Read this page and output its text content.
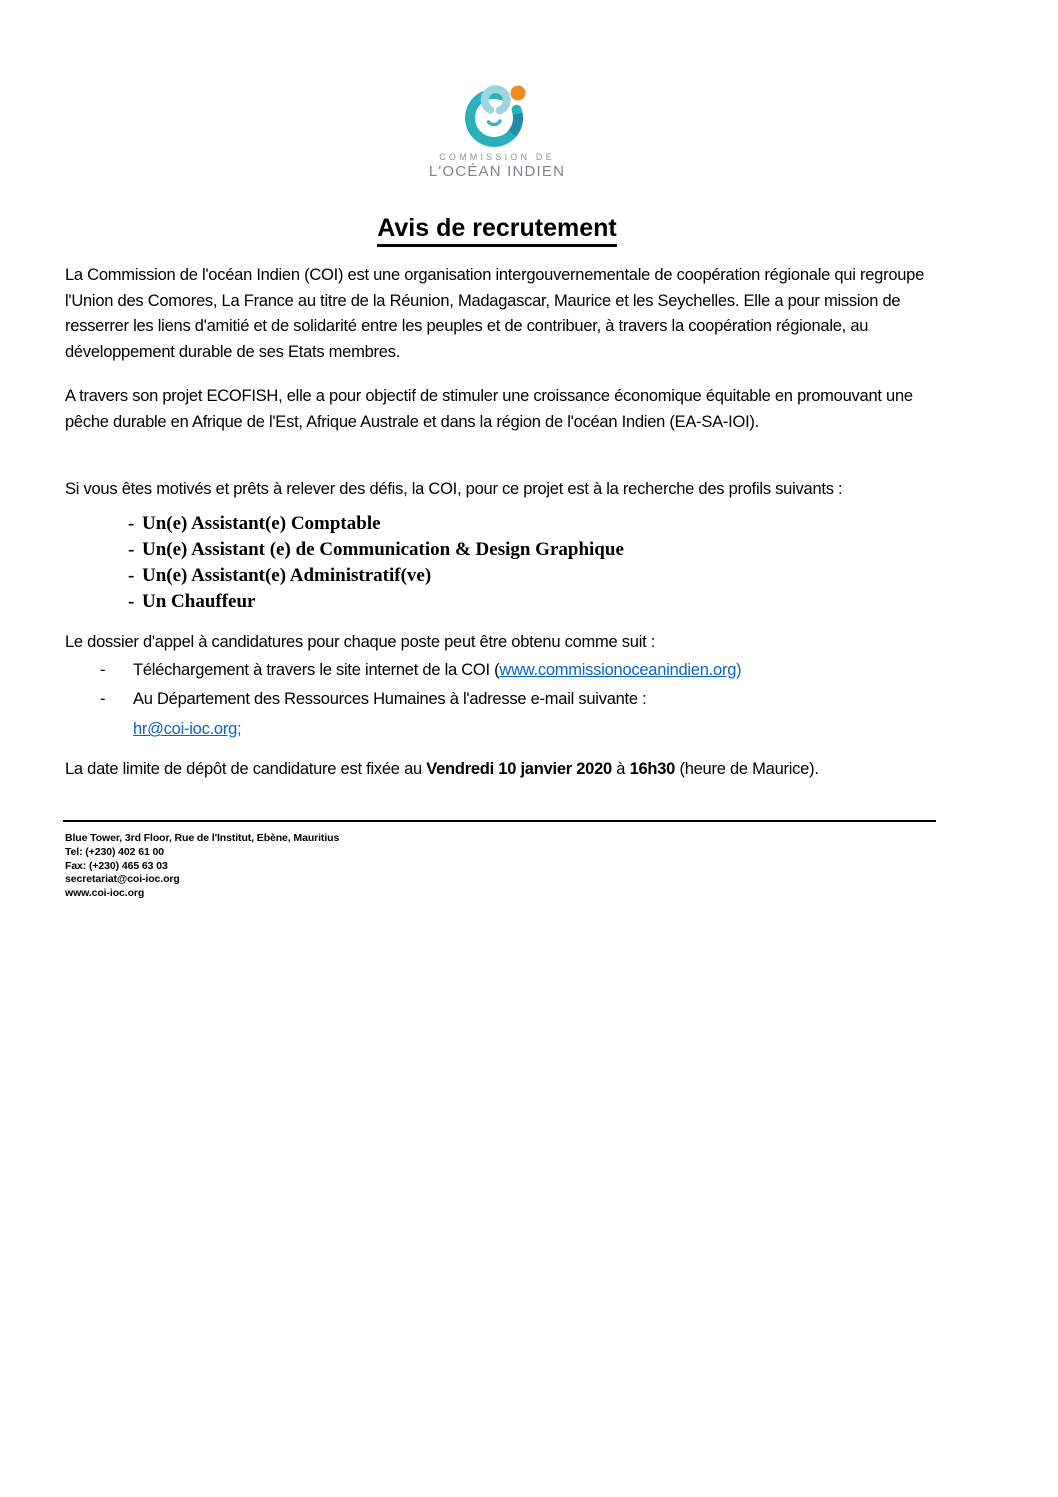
COMMISSION DE
L'OCÉAN INDIEN
Avis de recrutement
La Commission de l'océan Indien (COI) est une organisation intergouvernementale de coopération régionale qui regroupe l'Union des Comores, La France au titre de la Réunion, Madagascar, Maurice et les Seychelles. Elle a pour mission de resserrer les liens d'amitié et de solidarité entre les peuples et de contribuer, à travers la coopération régionale, au développement durable de ses Etats membres.
A travers son projet ECOFISH, elle a pour objectif de stimuler une croissance économique équitable en promouvant une pêche durable en Afrique de l'Est, Afrique Australe et dans la région de l'océan Indien (EA-SA-IOI).
Si vous êtes motivés et prêts à relever des défis, la COI, pour ce projet est à la recherche des profils suivants :
- Un(e) Assistant(e) Comptable
- Un(e) Assistant (e) de Communication & Design Graphique
- Un(e) Assistant(e) Administratif(ve)
- Un Chauffeur
Le dossier d'appel à candidatures pour chaque poste peut être obtenu comme suit :
- Téléchargement à travers le site internet de la COI (www.commissionoceanindien.org)
- Au Département des Ressources Humaines à l'adresse e-mail suivante :
hr@coi-ioc.org;
La date limite de dépôt de candidature est fixée au Vendredi 10 janvier 2020 à 16h30 (heure de Maurice).
Blue Tower, 3rd Floor, Rue de l'Institut, Ebène, Mauritius
Tel: (+230) 402 61 00
Fax: (+230) 465 63 03
secretariat@coi-ioc.org
www.coi-ioc.org
